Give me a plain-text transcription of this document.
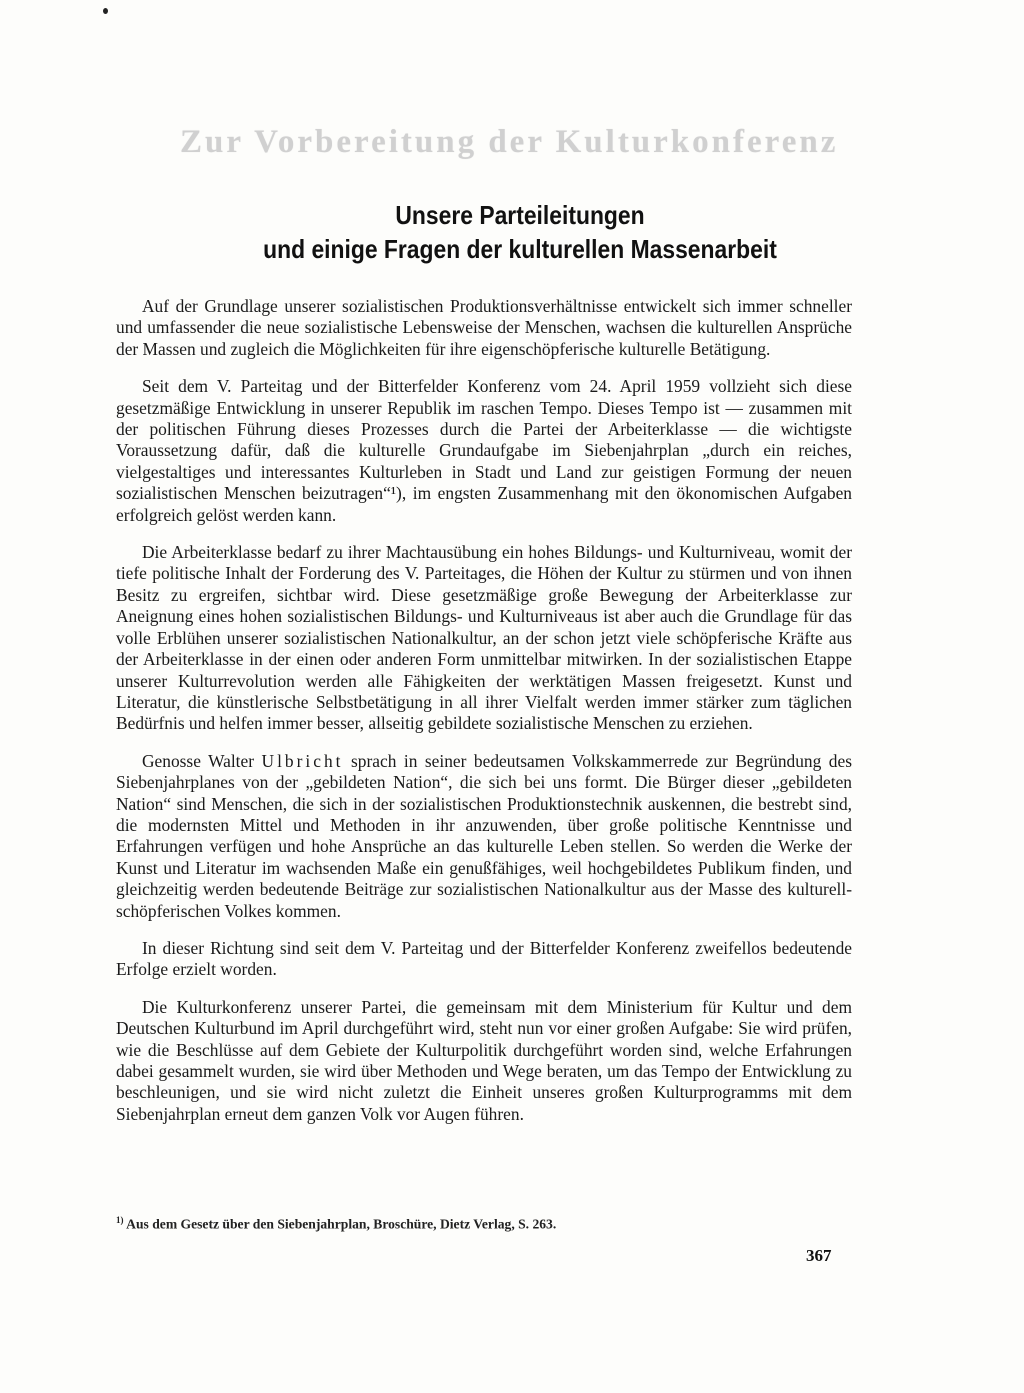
Zur Vorbereitung der Kulturkonferenz
Unsere Parteileitungen
und einige Fragen der kulturellen Massenarbeit

Auf der Grundlage unserer sozialistischen Produktionsverhältnisse entwickelt sich immer schneller und umfassender die neue sozialistische Lebensweise der Menschen, wachsen die kulturellen Ansprüche der Massen und zugleich die Möglichkeiten für ihre eigenschöpferische kulturelle Betätigung.

Seit dem V. Parteitag und der Bitterfelder Konferenz vom 24. April 1959 vollzieht sich diese gesetzmäßige Entwicklung in unserer Republik im raschen Tempo. Dieses Tempo ist — zusammen mit der politischen Führung dieses Prozesses durch die Partei der Arbeiterklasse — die wichtigste Voraussetzung dafür, daß die kulturelle Grundaufgabe im Siebenjahrplan „durch ein reiches, vielgestaltiges und interessantes Kulturleben in Stadt und Land zur geistigen Formung der neuen sozialistischen Menschen beizutragen“¹), im engsten Zusammenhang mit den ökonomischen Aufgaben erfolgreich gelöst werden kann.

Die Arbeiterklasse bedarf zu ihrer Machtausübung ein hohes Bildungs- und Kulturniveau, womit der tiefe politische Inhalt der Forderung des V. Parteitages, die Höhen der Kultur zu stürmen und von ihnen Besitz zu ergreifen, sichtbar wird. Diese gesetzmäßige große Bewegung der Arbeiterklasse zur Aneignung eines hohen sozialistischen Bildungs- und Kulturniveaus ist aber auch die Grundlage für das volle Erblühen unserer sozialistischen Nationalkultur, an der schon jetzt viele schöpferische Kräfte aus der Arbeiterklasse in der einen oder anderen Form unmittelbar mitwirken. In der sozialistischen Etappe unserer Kulturrevolution werden alle Fähigkeiten der werktätigen Massen freigesetzt. Kunst und Literatur, die künstlerische Selbstbetätigung in all ihrer Vielfalt werden immer stärker zum täglichen Bedürfnis und helfen immer besser, allseitig gebildete sozialistische Menschen zu erziehen.

Genosse Walter Ulbricht sprach in seiner bedeutsamen Volkskammerrede zur Begründung des Siebenjahrplanes von der „gebildeten Nation“, die sich bei uns formt. Die Bürger dieser „gebildeten Nation“ sind Menschen, die sich in der sozialistischen Produktionstechnik auskennen, die bestrebt sind, die modernsten Mittel und Methoden in ihr anzuwenden, über große politische Kenntnisse und Erfahrungen verfügen und hohe Ansprüche an das kulturelle Leben stellen. So werden die Werke der Kunst und Literatur im wachsenden Maße ein genußfähiges, weil hochgebildetes Publikum finden, und gleichzeitig werden bedeutende Beiträge zur sozialistischen Nationalkultur aus der Masse des kulturell-schöpferischen Volkes kommen.

In dieser Richtung sind seit dem V. Parteitag und der Bitterfelder Konferenz zweifellos bedeutende Erfolge erzielt worden.

Die Kulturkonferenz unserer Partei, die gemeinsam mit dem Ministerium für Kultur und dem Deutschen Kulturbund im April durchgeführt wird, steht nun vor einer großen Aufgabe: Sie wird prüfen, wie die Beschlüsse auf dem Gebiete der Kulturpolitik durchgeführt worden sind, welche Erfahrungen dabei gesammelt wurden, sie wird über Methoden und Wege beraten, um das Tempo der Entwicklung zu beschleunigen, und sie wird nicht zuletzt die Einheit unseres großen Kulturprogramms mit dem Siebenjahrplan erneut dem ganzen Volk vor Augen führen.

$^{1)}$ Aus dem Gesetz über den Siebenjahrplan, Broschüre, Dietz Verlag, S. 263.
367
